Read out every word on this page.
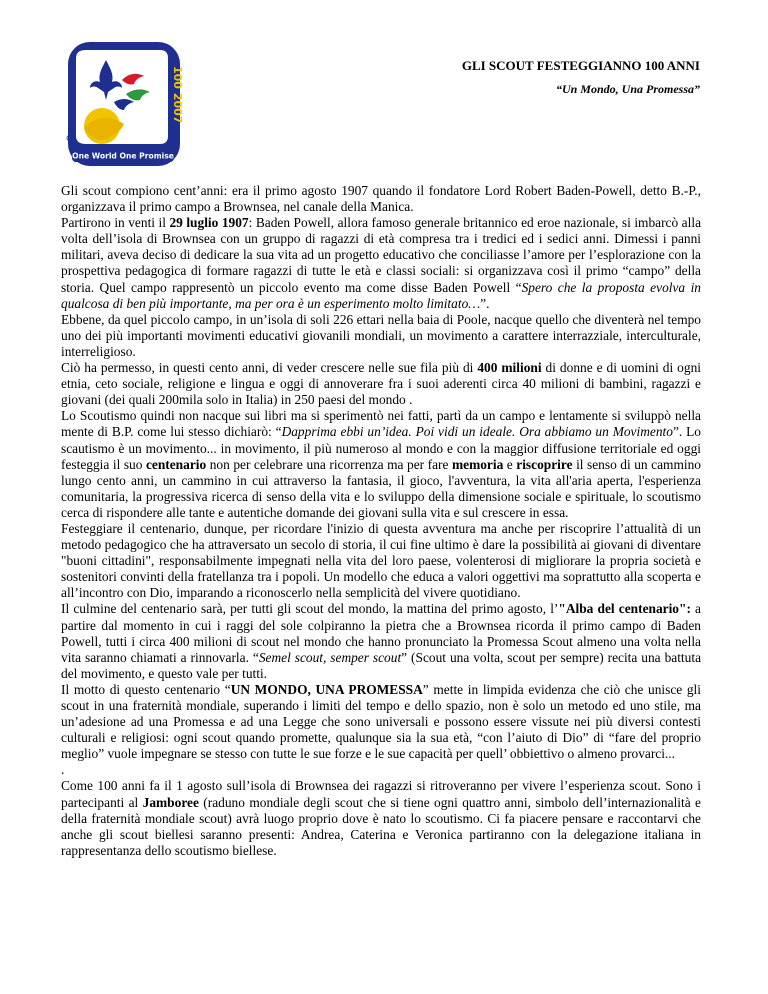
100 2007
One World One Promise
GLI SCOUT FESTEGGIANNO 100 ANNI
“Un Mondo, Una Promessa”

Gli scout compiono cent’anni: era il primo agosto 1907 quando il fondatore Lord Robert Baden-Powell, detto B.-P., organizzava il primo campo a Brownsea, nel canale della Manica.

Partirono in venti il 29 luglio 1907: Baden Powell, allora famoso generale britannico ed eroe nazionale, si imbarcò alla volta dell’isola di Brownsea con un gruppo di ragazzi di età compresa tra i tredici ed i sedici anni. Dimessi i panni militari, aveva deciso di dedicare la sua vita ad un progetto educativo che conciliasse l’amore per l’esplorazione con la prospettiva pedagogica di formare ragazzi di tutte le età e classi sociali: si organizzava così il primo “campo” della storia. Quel campo rappresentò un piccolo evento ma come disse Baden Powell “Spero che la proposta evolva in qualcosa di ben più importante, ma per ora è un esperimento molto limitato…”.

Ebbene, da quel piccolo campo, in un’isola di soli 226 ettari nella baia di Poole, nacque quello che diventerà nel tempo uno dei più importanti movimenti educativi giovanili mondiali, un movimento a carattere interrazziale, interculturale, interreligioso.

Ciò ha permesso, in questi cento anni, di veder crescere nelle sue fila più di 400 milioni di donne e di uomini di ogni etnia, ceto sociale, religione e lingua e oggi di annoverare fra i suoi aderenti circa 40 milioni di bambini, ragazzi e giovani (dei quali 200mila solo in Italia) in 250 paesi del mondo .

Lo Scoutismo quindi non nacque sui libri ma si sperimentò nei fatti, partì da un campo e lentamente si sviluppò nella mente di B.P. come lui stesso dichiarò: “Dapprima ebbi un’idea. Poi vidi un ideale. Ora abbiamo un Movimento”. Lo scautismo è un movimento... in movimento, il più numeroso al mondo e con la maggior diffusione territoriale ed oggi festeggia il suo centenario non per celebrare una ricorrenza ma per fare memoria e riscoprire il senso di un cammino lungo cento anni, un cammino in cui attraverso la fantasia, il gioco, l'avventura, la vita all'aria aperta, l'esperienza comunitaria, la progressiva ricerca di senso della vita e lo sviluppo della dimensione sociale e spirituale, lo scoutismo cerca di rispondere alle tante e autentiche domande dei giovani sulla vita e sul crescere in essa.

Festeggiare il centenario, dunque, per ricordare l'inizio di questa avventura ma anche per riscoprire l’attualità di un metodo pedagogico che ha attraversato un secolo di storia, il cui fine ultimo è dare la possibilità ai giovani di diventare "buoni cittadini", responsabilmente impegnati nella vita del loro paese, volenterosi di migliorare la propria società e sostenitori convinti della fratellanza tra i popoli. Un modello che educa a valori oggettivi ma soprattutto alla scoperta e all’incontro con Dio, imparando a riconoscerlo nella semplicità del vivere quotidiano.

Il culmine del centenario sarà, per tutti gli scout del mondo, la mattina del primo agosto, l’"Alba del centenario": a partire dal momento in cui i raggi del sole colpiranno la pietra che a Brownsea ricorda il primo campo di Baden Powell, tutti i circa 400 milioni di scout nel mondo che hanno pronunciato la Promessa Scout almeno una volta nella vita saranno chiamati a rinnovarla. “Semel scout, semper scout” (Scout una volta, scout per sempre) recita una battuta del movimento, e questo vale per tutti.

Il motto di questo centenario “UN MONDO, UNA PROMESSA” mette in limpida evidenza che ciò che unisce gli scout in una fraternità mondiale, superando i limiti del tempo e dello spazio, non è solo un metodo ed uno stile, ma un’adesione ad una Promessa e ad una Legge che sono universali e possono essere vissute nei più diversi contesti culturali e religiosi: ogni scout quando promette, qualunque sia la sua età, “con l’aiuto di Dio” di “fare del proprio meglio” vuole impegnare se stesso con tutte le sue forze e le sue capacità per quell’ obbiettivo o almeno provarci...

.

Come 100 anni fa il 1 agosto sull’isola di Brownsea dei ragazzi si ritroveranno per vivere l’esperienza scout. Sono i partecipanti al Jamboree (raduno mondiale degli scout che si tiene ogni quattro anni, simbolo dell’internazionalità e della fraternità mondiale scout) avrà luogo proprio dove è nato lo scoutismo. Ci fa piacere pensare e raccontarvi che anche gli scout biellesi saranno presenti: Andrea, Caterina e Veronica partiranno con la delegazione italiana in rappresentanza dello scoutismo biellese.
